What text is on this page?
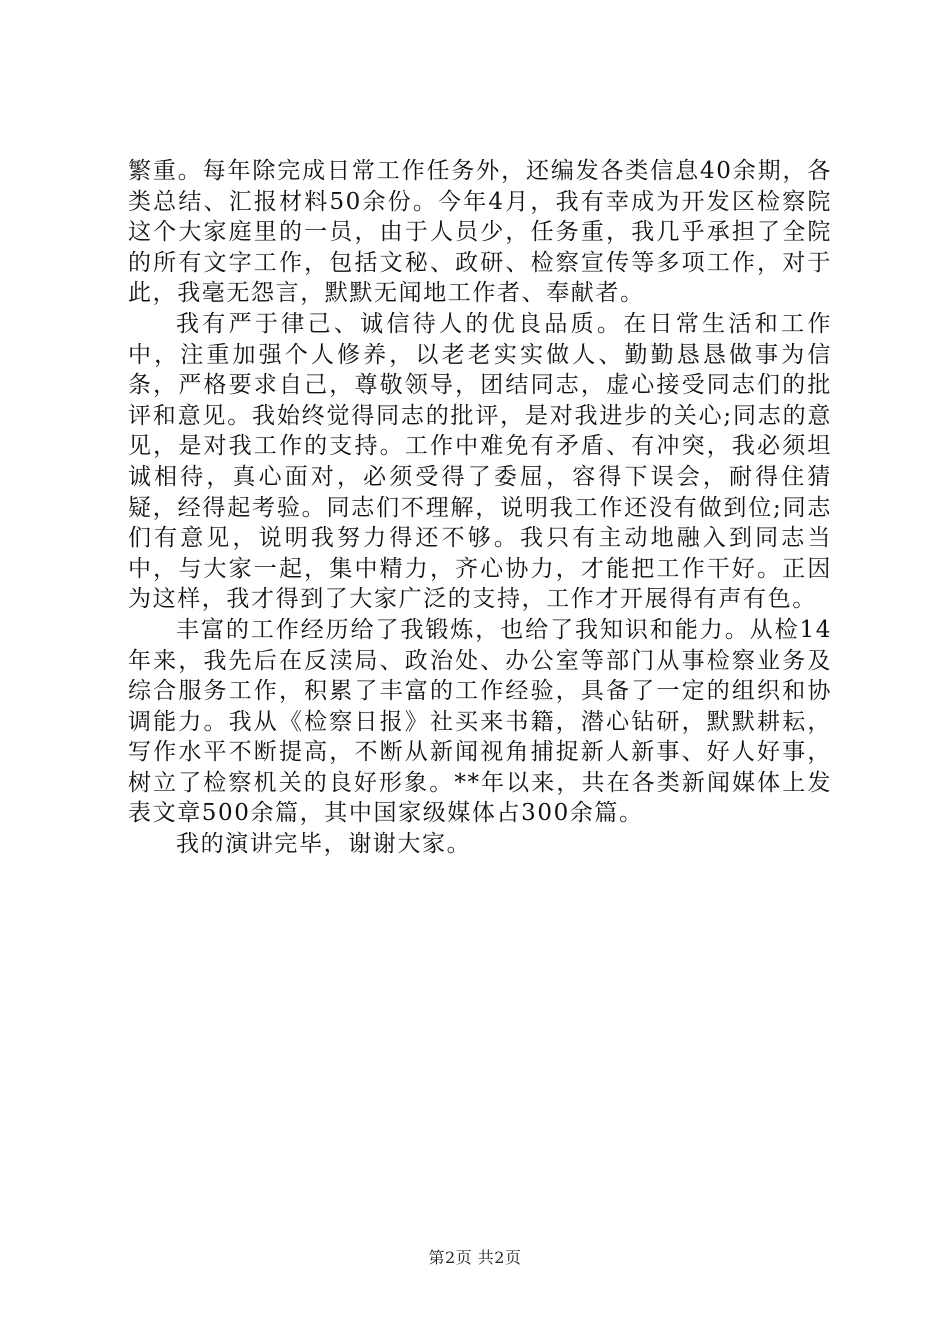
繁重。每年除完成日常工作任务外，还编发各类信息40余期，各类总结、汇报材料50余份。今年4月，我有幸成为开发区检察院这个大家庭里的一员，由于人员少，任务重，我几乎承担了全院的所有文字工作，包括文秘、政研、检察宣传等多项工作，对于此，我毫无怨言，默默无闻地工作者、奉献者。

我有严于律己、诚信待人的优良品质。在日常生活和工作中，注重加强个人修养，以老老实实做人、勤勤恳恳做事为信条，严格要求自己，尊敬领导，团结同志，虚心接受同志们的批评和意见。我始终觉得同志的批评，是对我进步的关心;同志的意见，是对我工作的支持。工作中难免有矛盾、有冲突，我必须坦诚相待，真心面对，必须受得了委屈，容得下误会，耐得住猜疑，经得起考验。同志们不理解，说明我工作还没有做到位;同志们有意见，说明我努力得还不够。我只有主动地融入到同志当中，与大家一起，集中精力，齐心协力，才能把工作干好。正因为这样，我才得到了大家广泛的支持，工作才开展得有声有色。

丰富的工作经历给了我锻炼，也给了我知识和能力。从检14年来，我先后在反渎局、政治处、办公室等部门从事检察业务及综合服务工作，积累了丰富的工作经验，具备了一定的组织和协调能力。我从《检察日报》社买来书籍，潜心钻研，默默耕耘，写作水平不断提高，不断从新闻视角捕捉新人新事、好人好事，树立了检察机关的良好形象。**年以来，共在各类新闻媒体上发表文章500余篇，其中国家级媒体占300余篇。

我的演讲完毕，谢谢大家。

第2页 共2页
